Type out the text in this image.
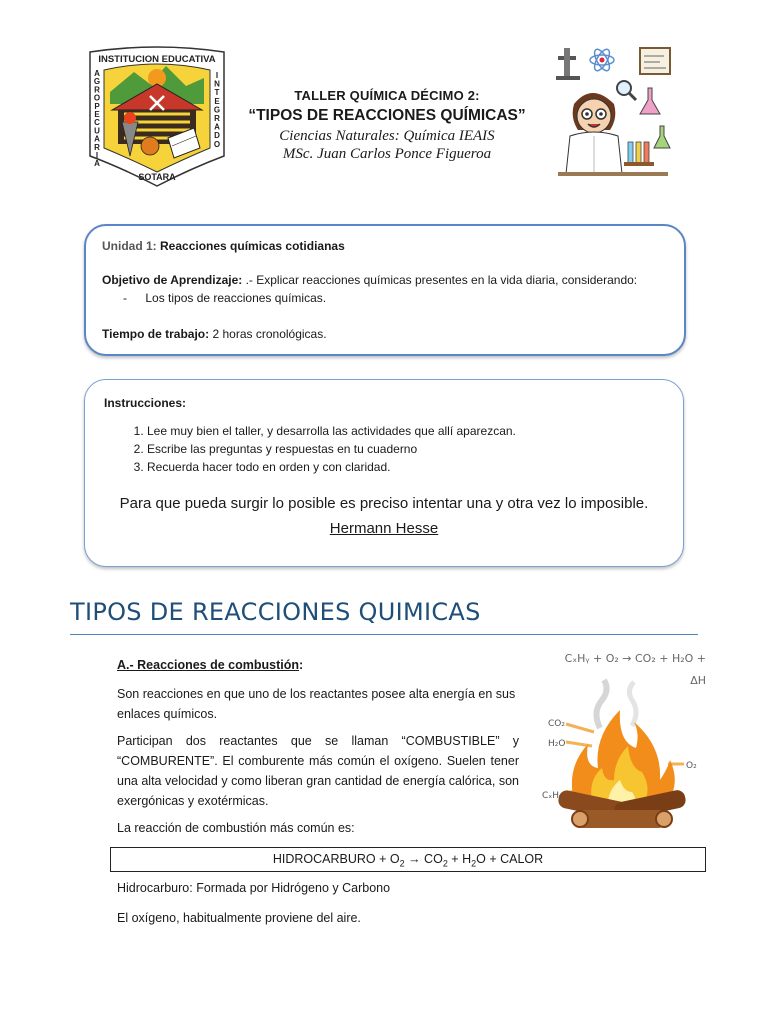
INSTITUCION EDUCATIVA
A
G
R
O
P
E
C
U
A
R
I
A
I
N
T
E
G
R
A
D
O
SOTARA
TALLER QUÍMICA DÉCIMO 2:
“TIPOS DE REACCIONES QUÍMICAS”
Ciencias Naturales: Química IEAIS
MSc. Juan Carlos Ponce Figueroa
Unidad 1: Reacciones químicas cotidianas
Objetivo de Aprendizaje: .- Explicar reacciones químicas presentes en la vida diaria, considerando:
- Los tipos de reacciones químicas.
Tiempo de trabajo: 2 horas cronológicas.
Instrucciones:
1. Lee muy bien el taller, y desarrolla las actividades que allí aparezcan.
2. Escribe las preguntas y respuestas en tu cuaderno
3. Recuerda hacer todo en orden y con claridad.
Para que pueda surgir lo posible es preciso intentar una y otra vez lo imposible.
Hermann Hesse
TIPOS DE REACCIONES QUIMICAS
A.- Reacciones de combustión:
Son reacciones en que uno de los reactantes posee alta energía en sus enlaces químicos.
Participan dos reactantes que se llaman “COMBUSTIBLE” y “COMBURENTE”. El comburente más común el oxígeno. Suelen tener una alta velocidad y como liberan gran cantidad de energía calórica, son exergónicas y exotérmicas.
La reacción de combustión más común es:
HIDROCARBURO + $O_2 \to CO_2 + H_2O$ + CALOR
Hidrocarburo: Formada por Hidrógeno y Carbono
El oxígeno, habitualmente proviene del aire.
CₓHᵧ + O₂ → CO₂ + H₂O + ΔH
CO₂
H₂O
O₂
CₓHᵧ
